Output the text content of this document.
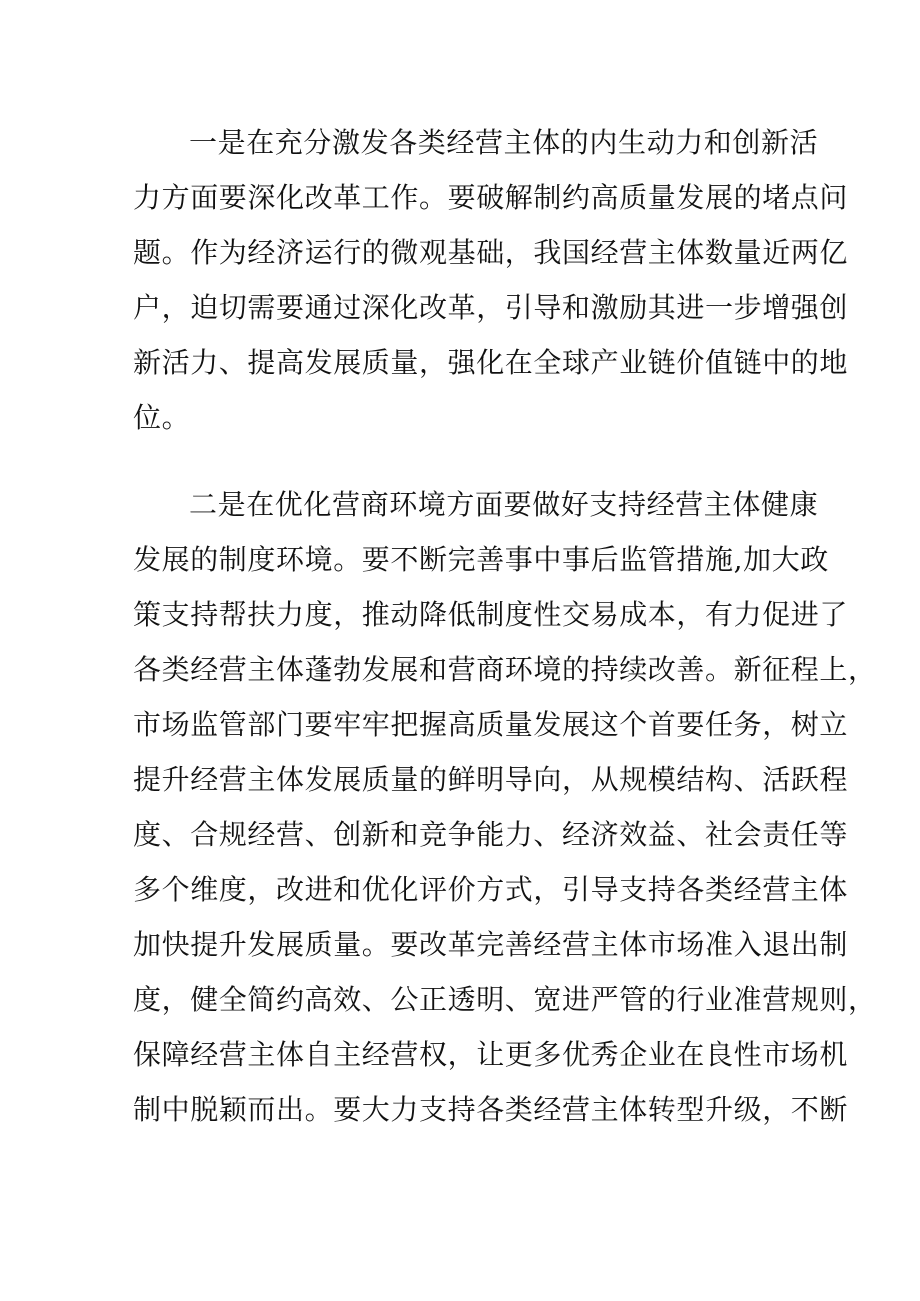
一是在充分激发各类经营主体的内生动力和创新活
力方面要深化改革工作。要破解制约高质量发展的堵点问
题。作为经济运行的微观基础，我国经营主体数量近两亿
户，迫切需要通过深化改革，引导和激励其进一步增强创
新活力、提高发展质量，强化在全球产业链价值链中的地
位。
二是在优化营商环境方面要做好支持经营主体健康
发展的制度环境。要不断完善事中事后监管措施,加大政
策支持帮扶力度，推动降低制度性交易成本，有力促进了
各类经营主体蓬勃发展和营商环境的持续改善。新征程上，
市场监管部门要牢牢把握高质量发展这个首要任务，树立
提升经营主体发展质量的鲜明导向，从规模结构、活跃程
度、合规经营、创新和竞争能力、经济效益、社会责任等
多个维度，改进和优化评价方式，引导支持各类经营主体
加快提升发展质量。要改革完善经营主体市场准入退出制
度，健全简约高效、公正透明、宽进严管的行业准营规则，
保障经营主体自主经营权，让更多优秀企业在良性市场机
制中脱颖而出。要大力支持各类经营主体转型升级，不断
